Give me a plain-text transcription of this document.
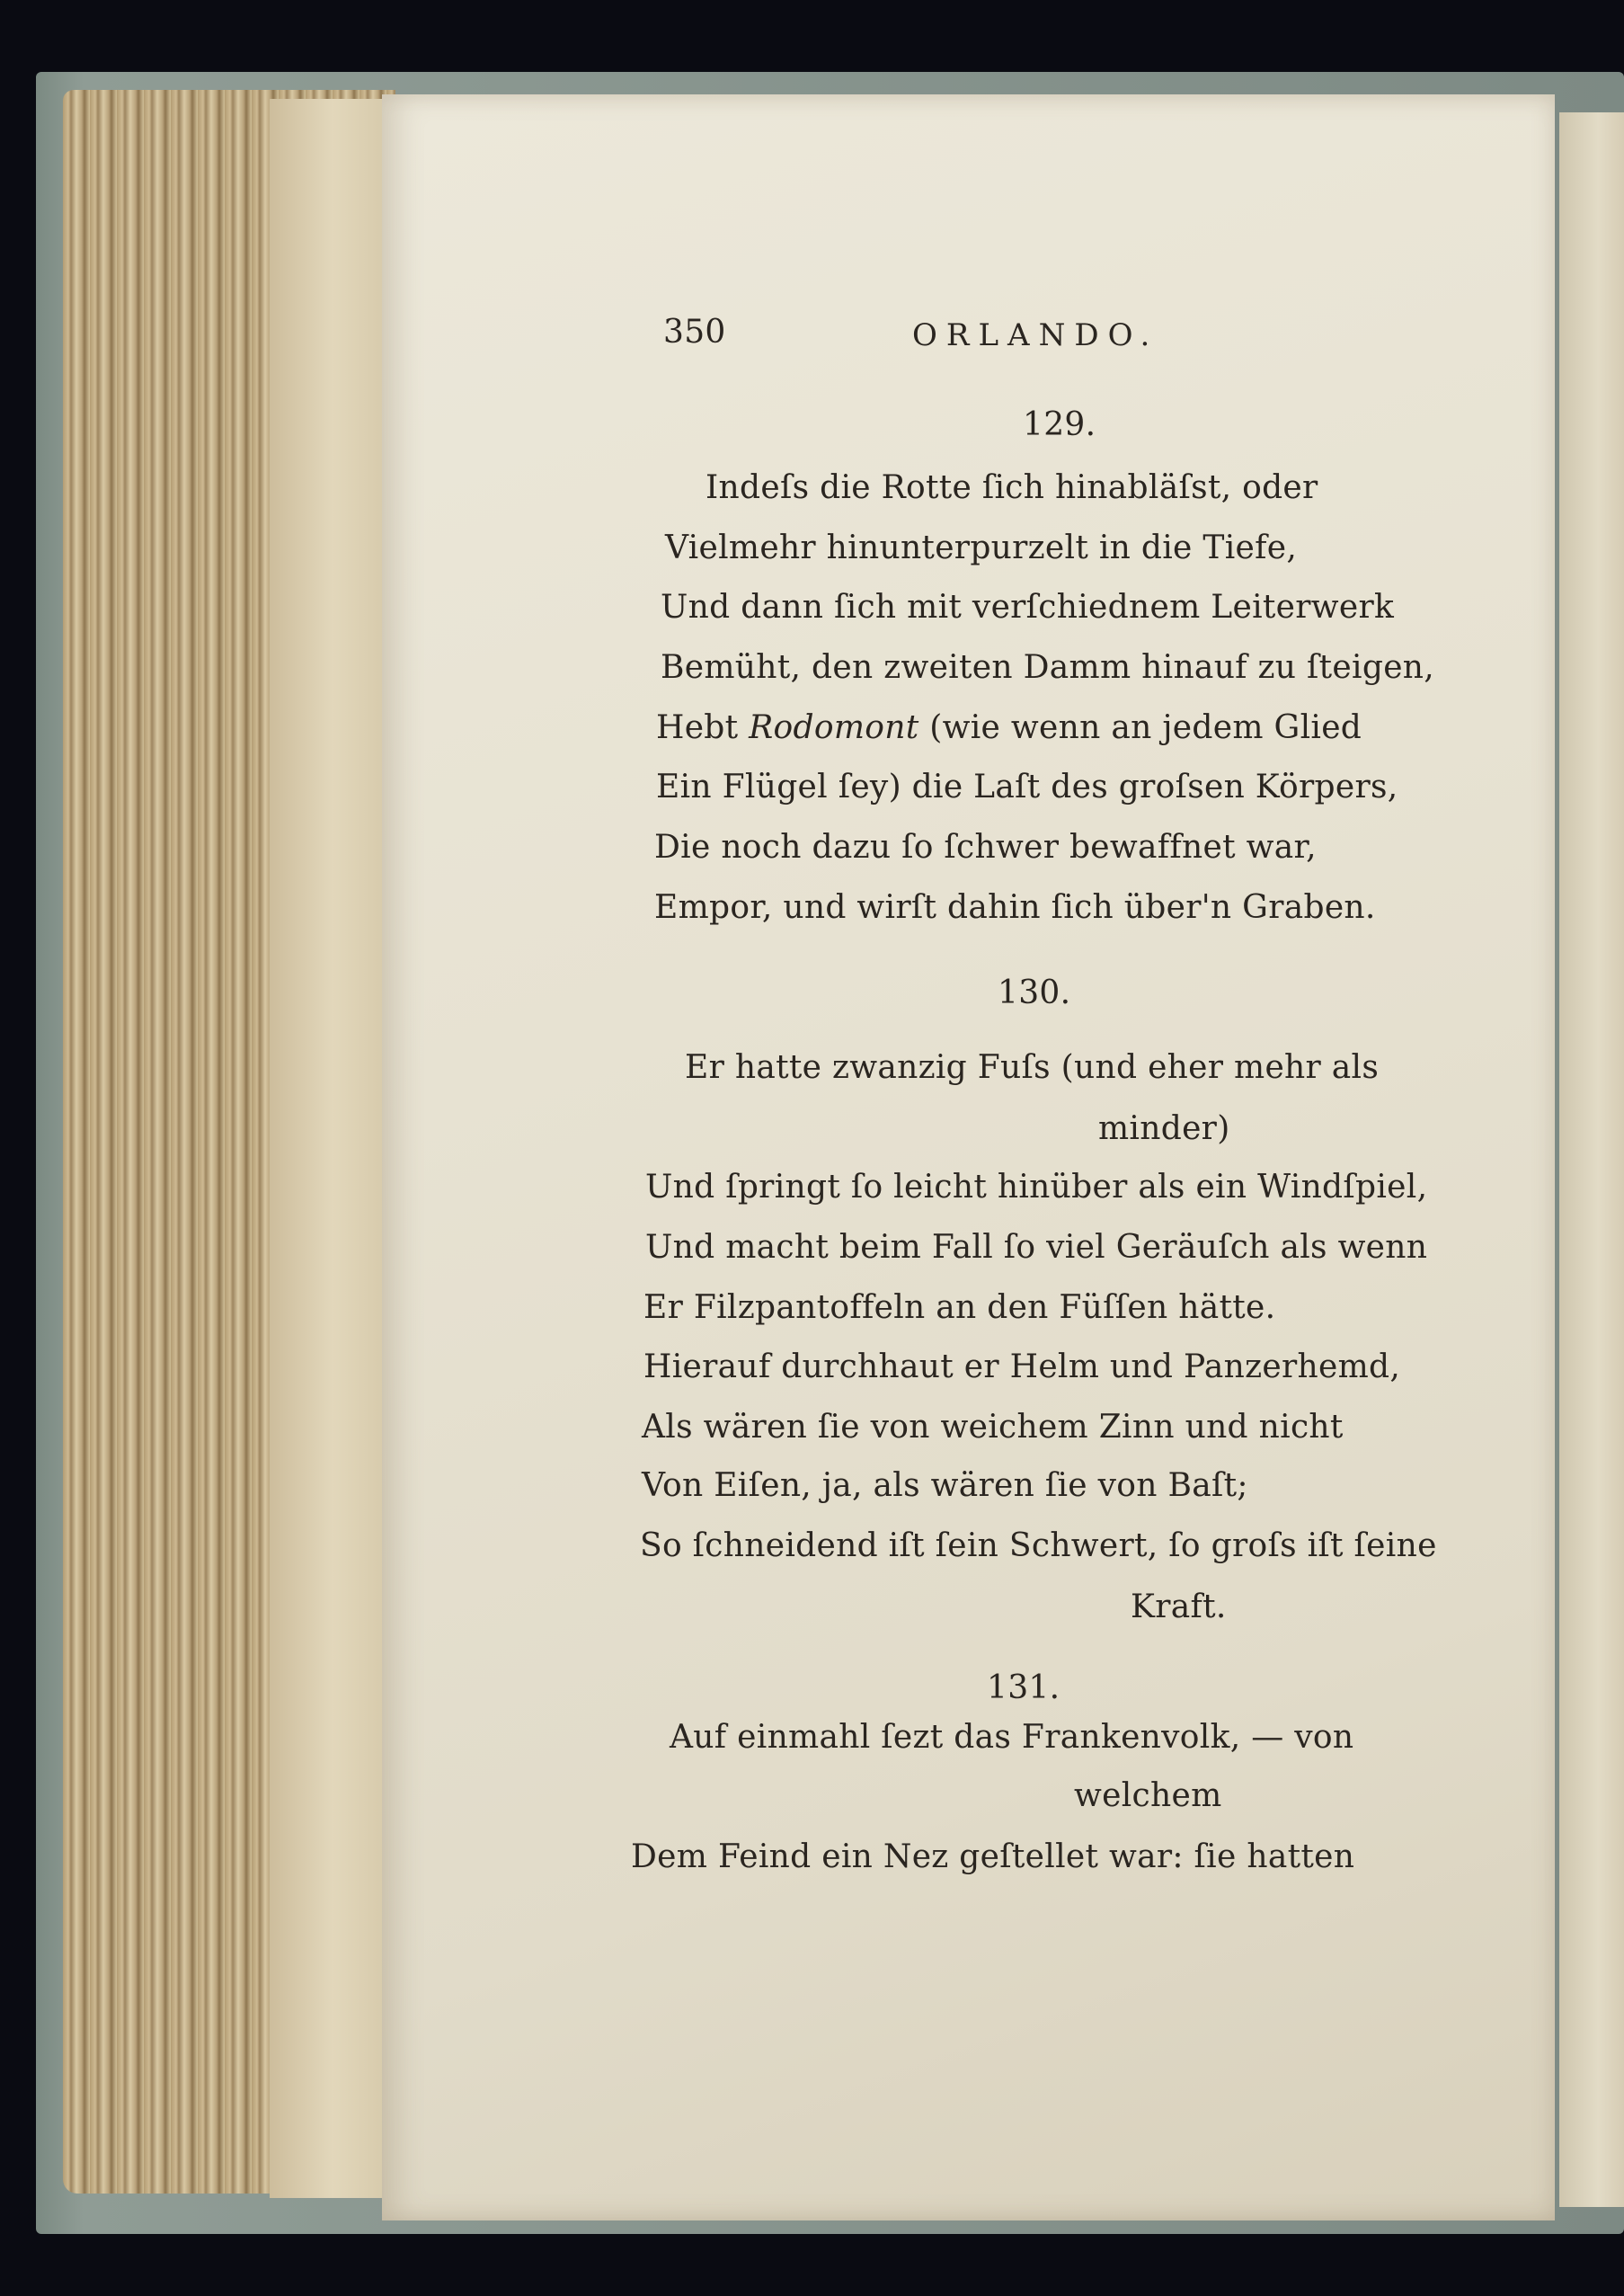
350	ORLANDO.
129.
Indeſs die Rotte ſich hinabläſst, oder
Vielmehr hinunterpurzelt in die Tiefe,
Und dann ſich mit verſchiednem Leiterwerk
Bemüht, den zweiten Damm hinauf zu ſteigen,
Hebt Rodomont (wie wenn an jedem Glied
Ein Flügel ſey) die Laſt des groſsen Körpers,
Die noch dazu ſo ſchwer bewaffnet war,
Empor, und wirſt dahin ſich über'n Graben.
130.
Er hatte zwanzig Fuſs (und eher mehr als
minder)
Und ſpringt ſo leicht hinüber als ein Windſpiel,
Und macht beim Fall ſo viel Geräuſch als wenn
Er Filzpantoffeln an den Füſſen hätte.
Hierauf durchhaut er Helm und Panzerhemd,
Als wären ſie von weichem Zinn und nicht
Von Eiſen, ja, als wären ſie von Baſt;
So ſchneidend iſt ſein Schwert, ſo groſs iſt ſeine
Kraft.
131.
Auf einmahl ſezt das Frankenvolk, — von
welchem
Dem Feind ein Nez geſtellet war: ſie hatten
